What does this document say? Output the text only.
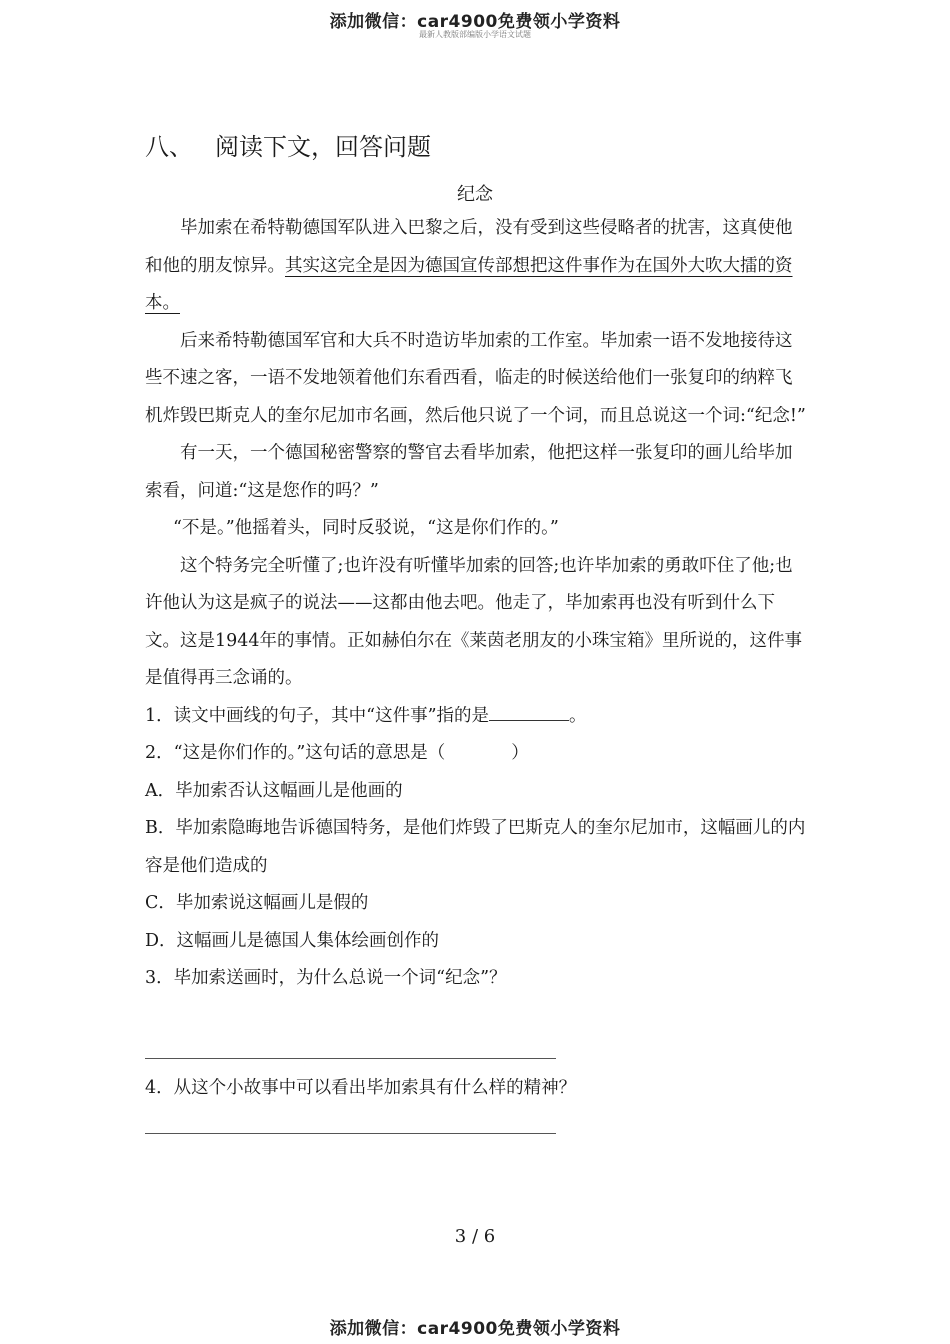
添加微信：car4900免费领小学资料
最新人教版部编版小学语文试题
八、 阅读下文，回答问题
纪念

毕加索在希特勒德国军队进入巴黎之后，没有受到这些侵略者的扰害，这真使他和他的朋友惊异。其实这完全是因为德国宣传部想把这件事作为在国外大吹大擂的资本。

后来希特勒德国军官和大兵不时造访毕加索的工作室。毕加索一语不发地接待这些不速之客，一语不发地领着他们东看西看，临走的时候送给他们一张复印的纳粹飞机炸毁巴斯克人的奎尔尼加市名画，然后他只说了一个词，而且总说这一个词:“纪念!”

有一天，一个德国秘密警察的警官去看毕加索，他把这样一张复印的画儿给毕加索看，问道:“这是您作的吗？”

“不是。”他摇着头，同时反驳说，“这是你们作的。”

这个特务完全听懂了;也许没有听懂毕加索的回答;也许毕加索的勇敢吓住了他;也许他认为这是疯子的说法——这都由他去吧。他走了，毕加索再也没有听到什么下文。这是1944年的事情。正如赫伯尔在《莱茵老朋友的小珠宝箱》里所说的，这件事是值得再三念诵的。

1．读文中画线的句子，其中“这件事”指的是	。

2．“这是你们作的。”这句话的意思是（	）

A．毕加索否认这幅画儿是他画的

B．毕加索隐晦地告诉德国特务，是他们炸毁了巴斯克人的奎尔尼加市，这幅画儿的内容是他们造成的

C．毕加索说这幅画儿是假的

D．这幅画儿是德国人集体绘画创作的

3．毕加索送画时，为什么总说一个词“纪念”？

4．从这个小故事中可以看出毕加索具有什么样的精神？
3 / 6
添加微信：car4900免费领小学资料
